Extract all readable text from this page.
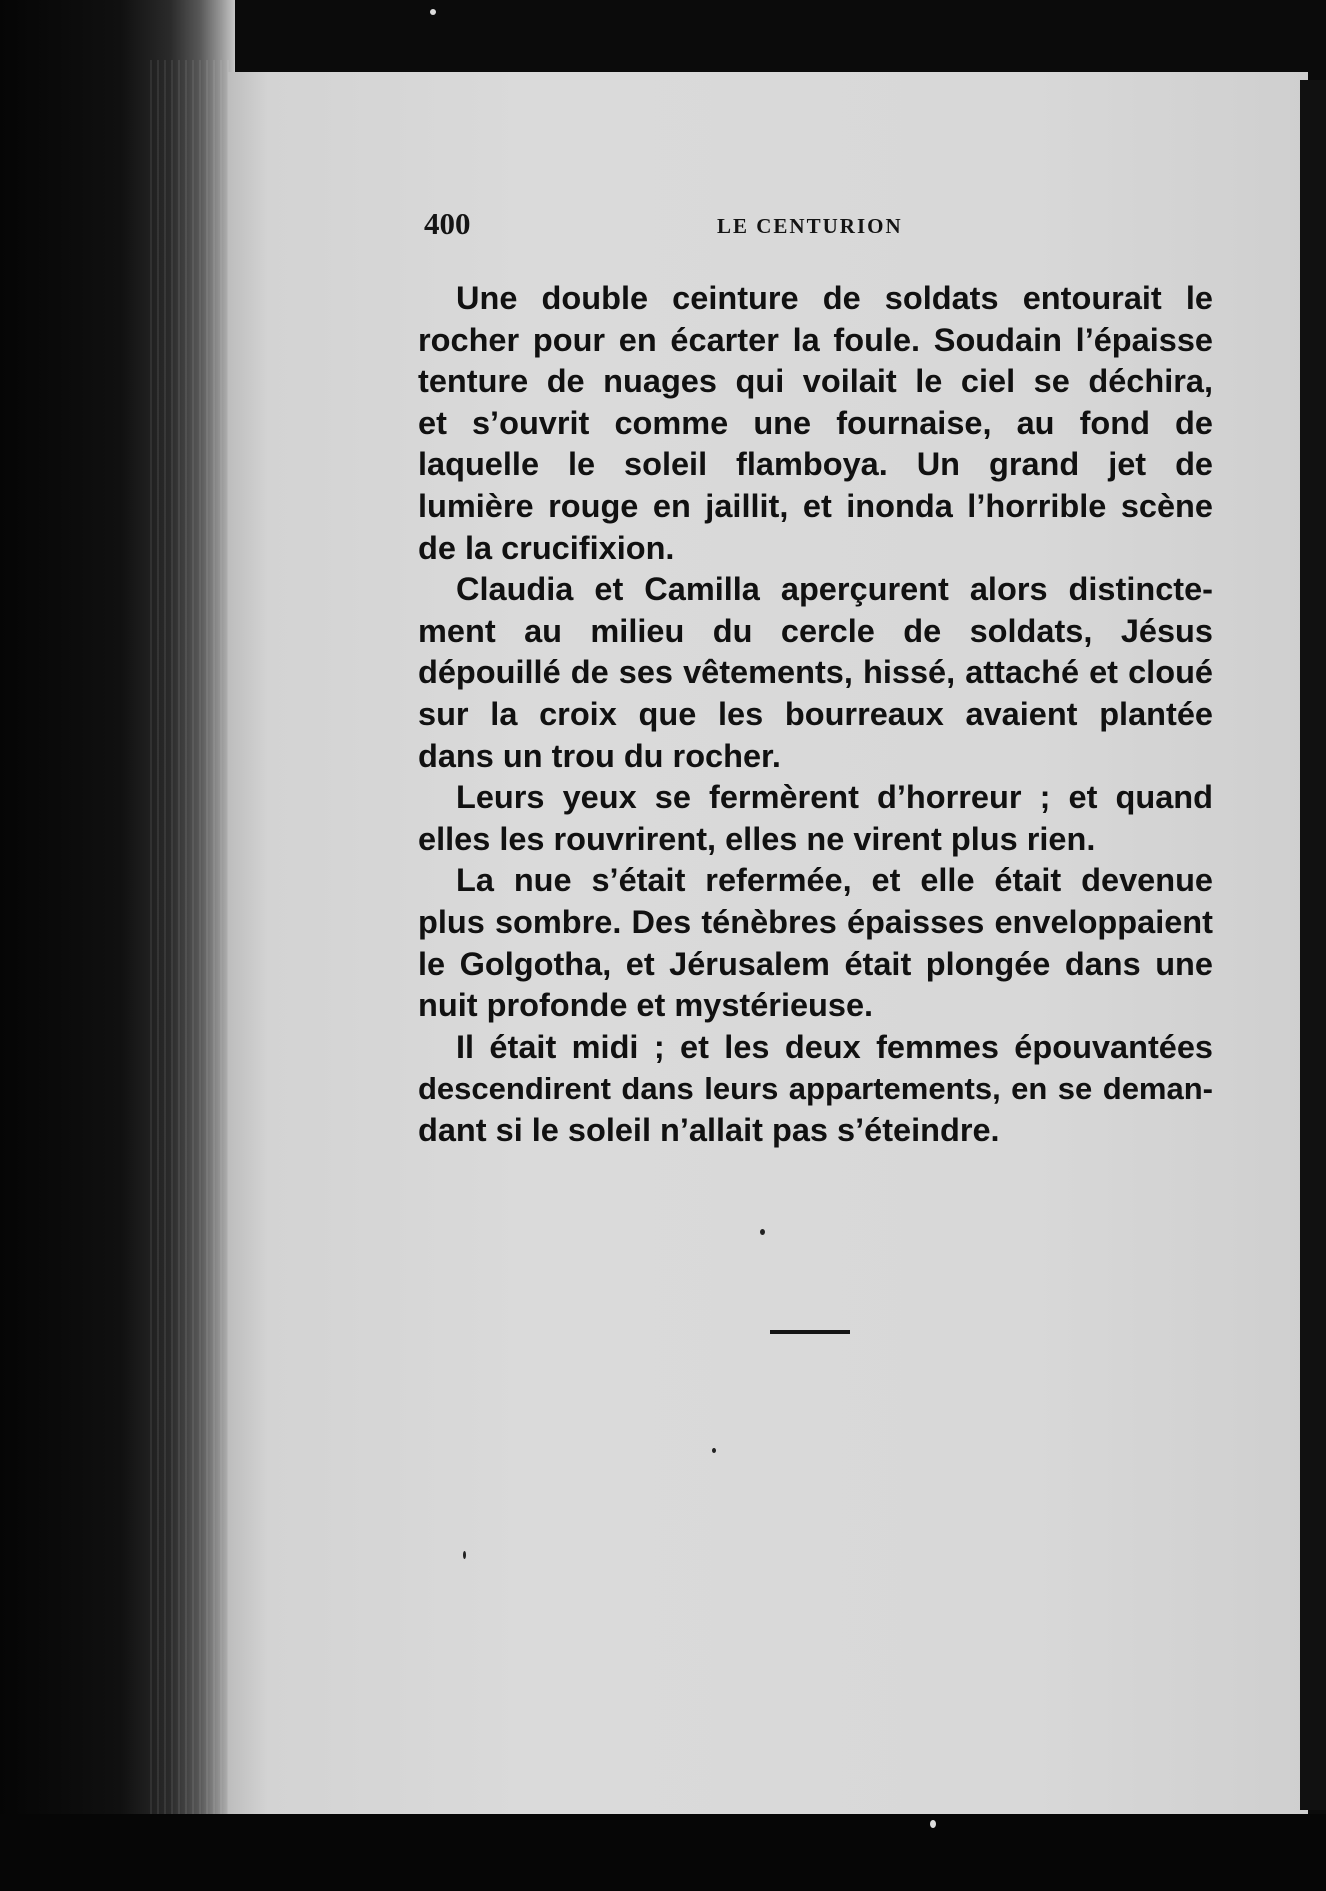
400	LE CENTURION

Une double ceinture de soldats entourait le
rocher pour en écarter la foule. Soudain l’épaisse
tenture de nuages qui voilait le ciel se déchira,
et s’ouvrit comme une fournaise, au fond de
laquelle le soleil flamboya. Un grand jet de
lumière rouge en jaillit, et inonda l’horrible scène
de la crucifixion.

Claudia et Camilla aperçurent alors distincte-
ment au milieu du cercle de soldats, Jésus
dépouillé de ses vêtements, hissé, attaché et cloué
sur la croix que les bourreaux avaient plantée
dans un trou du rocher.

Leurs yeux se fermèrent d’horreur ; et quand
elles les rouvrirent, elles ne virent plus rien.

La nue s’était refermée, et elle était devenue
plus sombre. Des ténèbres épaisses enveloppaient
le Golgotha, et Jérusalem était plongée dans une
nuit profonde et mystérieuse.

Il était midi ; et les deux femmes épouvantées
descendirent dans leurs appartements, en se deman-
dant si le soleil n’allait pas s’éteindre.
